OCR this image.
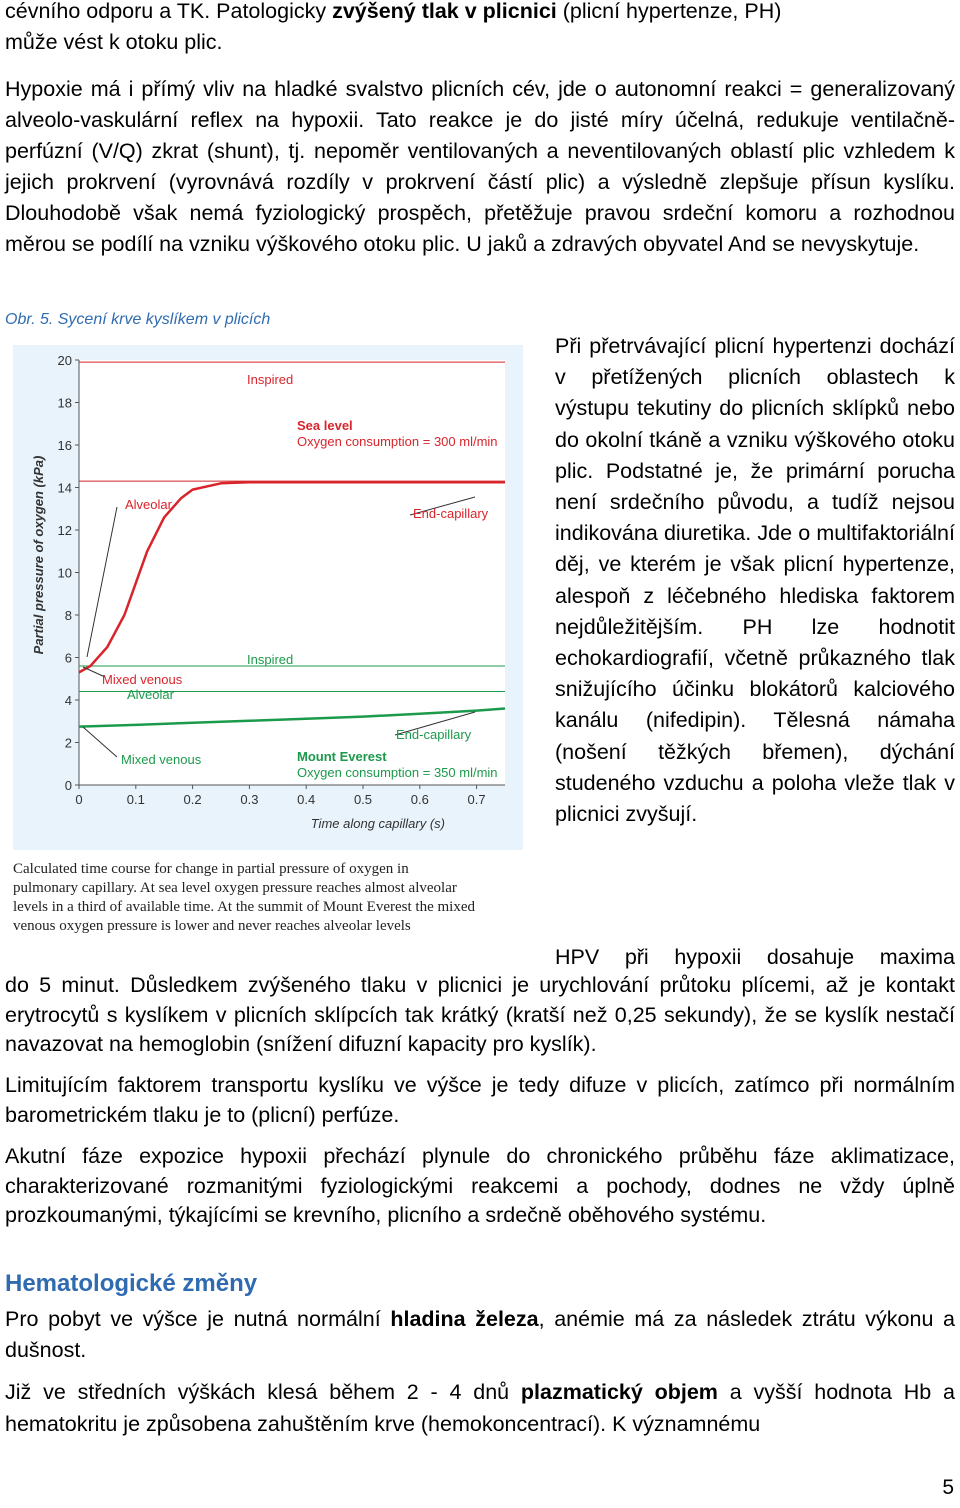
cévního odporu a TK. Patologicky zvýšený tlak v plicnici (plicní hypertenze, PH)
může vést k otoku plic.

Hypoxie má i přímý vliv na hladké svalstvo plicních cév, jde o autonomní reakci = generalizovaný alveolo-vaskulární reflex na hypoxii. Tato reakce je do jisté míry účelná, redukuje ventilačně-perfúzní (V/Q) zkrat (shunt), tj. nepoměr ventilovaných a neventilovaných oblastí plic vzhledem k jejich prokrvení (vyrovnává rozdíly v prokrvení částí plic) a výsledně zlepšuje přísun kyslíku. Dlouhodobě však nemá fyziologický prospěch, přetěžuje pravou srdeční komoru a rozhodnou měrou se podílí na vzniku výškového otoku plic. U jaků a zdravých obyvatel And se nevyskytuje.

Obr. 5. Sycení krve kyslíkem v plicích
0
2
4
6
8
10
12
14
16
18
20
0	0.1	0.2	0.3	0.4	0.5	0.6	0.7
Partial pressure of oxygen (kPa)
Time along capillary (s)
Inspired
Sea level
Oxygen consumption = 300 ml/min
Alveolar
End-capillary
Mixed venous
Inspired
Alveolar
End-capillary
Mixed venous	Mount Everest
Oxygen consumption = 350 ml/min
Calculated time course for change in partial pressure of oxygen in
pulmonary capillary. At sea level oxygen pressure reaches almost alveolar
levels in a third of available time. At the summit of Mount Everest the mixed
venous oxygen pressure is lower and never reaches alveolar levels

Při přetrvávající plicní hypertenzi dochází v přetížených plicních oblastech k výstupu tekutiny do plicních sklípků nebo do okolní tkáně a vzniku výškového otoku plic. Podstatné je, že primární porucha není srdečního původu, a tudíž nejsou indikována diuretika. Jde o multifaktoriální děj, ve kterém je však plicní hypertenze, alespoň z léčebného hlediska faktorem nejdůležitějším. PH lze hodnotit echokardiografií, včetně průkazného tlak snižujícího účinku blokátorů kalciového kanálu (nifedipin). Tělesná námaha (nošení těžkých břemen), dýchání studeného vzduchu a poloha vleže tlak v plicnici zvyšují.

HPV při hypoxii dosahuje maxima

do 5 minut. Důsledkem zvýšeného tlaku v plicnici je urychlování průtoku plícemi, až je kontakt erytrocytů s kyslíkem v plicních sklípcích tak krátký (kratší než 0,25 sekundy), že se kyslík nestačí navazovat na hemoglobin (snížení difuzní kapacity pro kyslík).

Limitujícím faktorem transportu kyslíku ve výšce je tedy difuze v plicích, zatímco při normálním barometrickém tlaku je to (plicní) perfúze.

Akutní fáze expozice hypoxii přechází plynule do chronického průběhu fáze aklimatizace, charakterizované rozmanitými fyziologickými reakcemi a pochody, dodnes ne vždy úplně prozkoumanými, týkajícími se krevního, plicního a srdečně oběhového systému.

Hematologické změny

Pro pobyt ve výšce je nutná normální hladina železa, anémie má za následek ztrátu výkonu a dušnost.

Již ve středních výškách klesá během 2 - 4 dnů plazmatický objem a vyšší hodnota Hb a hematokritu je způsobena zahuštěním krve (hemokoncentrací). K významnému

5
